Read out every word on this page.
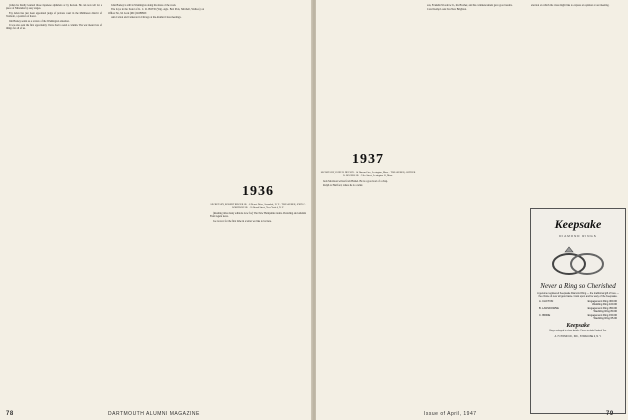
(when he finally learned those Japanese alphabets or by heaven. He can now tell for a piece of Nihonsha by easy stages.

Fay Allen has just been appointed judge of probate court in the Middlesex district of Vermont, a position of honor.

Jim Barkey sends us a review of the Washington situation.

It was also sent the first opportunity I have had to send a column. The war meant lots of things for all of us.

John Barkey is still in Washington doing his share of the work.

The boys in the Saaid of K. C. R. BOYD (Wig. Agts. Bob Pick, Mitchell, Wallace) on Officer M., M. Luck (MC) ROBERT.

Ann Colton and Cameron in Chicago at the Alumni Class meetings.

1936
SECRETARY, ROBERT RIEGER JR. · 8 Desert Drive, Scarsdale, N. Y. · TREASURER, JOHN C. ROBINSON JR. · 55 Broad Street, New York 4, N. Y.

(Reading time many editions now for) The New Hampshire items. Presiding and Alumni Fund Agent news.

Joe is now for the first time in a letter we like to be here.

78	DARTMOUTH ALUMNI MAGAZINE
1937
SECRETARY, JOHN H. DEVLIN · 14 Harvard Ave, Lexington, Mass. · TREASURER, ARTHUR R. ROGERS JR. · 9 Ice Street, Lexington 15, Mass.

Jack Morrison writes from Hamel. He is a good sort of a chap.

Rolph to Hartford, where he is a teller.

son, Franklin Woodrow Jr., his Brother, and his commencement gave good results.

Carol Kemp Louis Tea New Brighton.

election on which the class might like to express an opinion at our meeting.

Keepsake
DIAMOND RINGS
Never a Ring so Cherished
A genuine registered Keepsake Diamond Ring — the traditional gift of love — the choice of over all good taste. Insist upon and be wary of the Keepsake.
A. CLIFTON	Engagement Ring 300.00
Wedding Ring 100.00
B. LANSDOWNE	Engagement Ring 350.00
Wedding Ring 80.00
C. BRIDE	Engagement Ring 150.00
Wedding Ring 65.00
Keepsake
Rings enlarged to show details. Prices include Federal Tax.
A. H. POND CO., INC., SYRACUSE 2, N. Y.
Issue of April, 1947	79
